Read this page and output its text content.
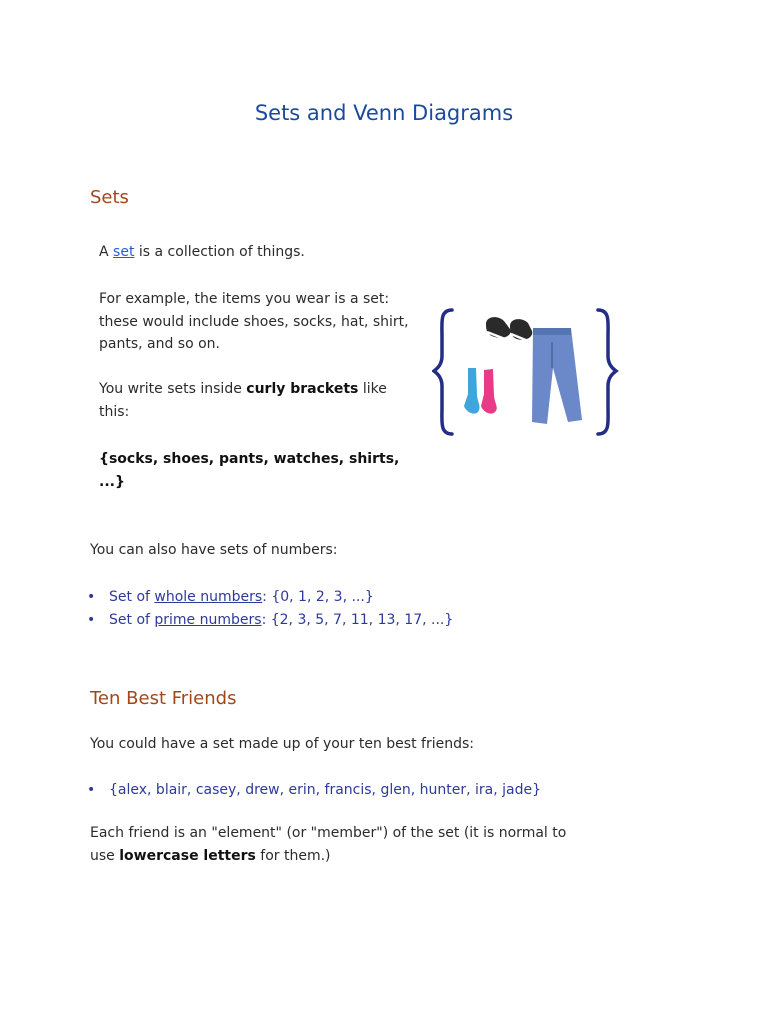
Sets and Venn Diagrams
Sets

A set is a collection of things.

For example, the items you wear is a set:
these would include shoes, socks, hat, shirt,
pants, and so on.

You write sets inside curly brackets like
this:

{socks, shoes, pants, watches, shirts,
...}

You can also have sets of numbers:

• Set of whole numbers: {0, 1, 2, 3, ...}
• Set of prime numbers: {2, 3, 5, 7, 11, 13, 17, ...}
Ten Best Friends

You could have a set made up of your ten best friends:

• {alex, blair, casey, drew, erin, francis, glen, hunter, ira, jade}

Each friend is an "element" (or "member") of the set (it is normal to
use lowercase letters for them.)
